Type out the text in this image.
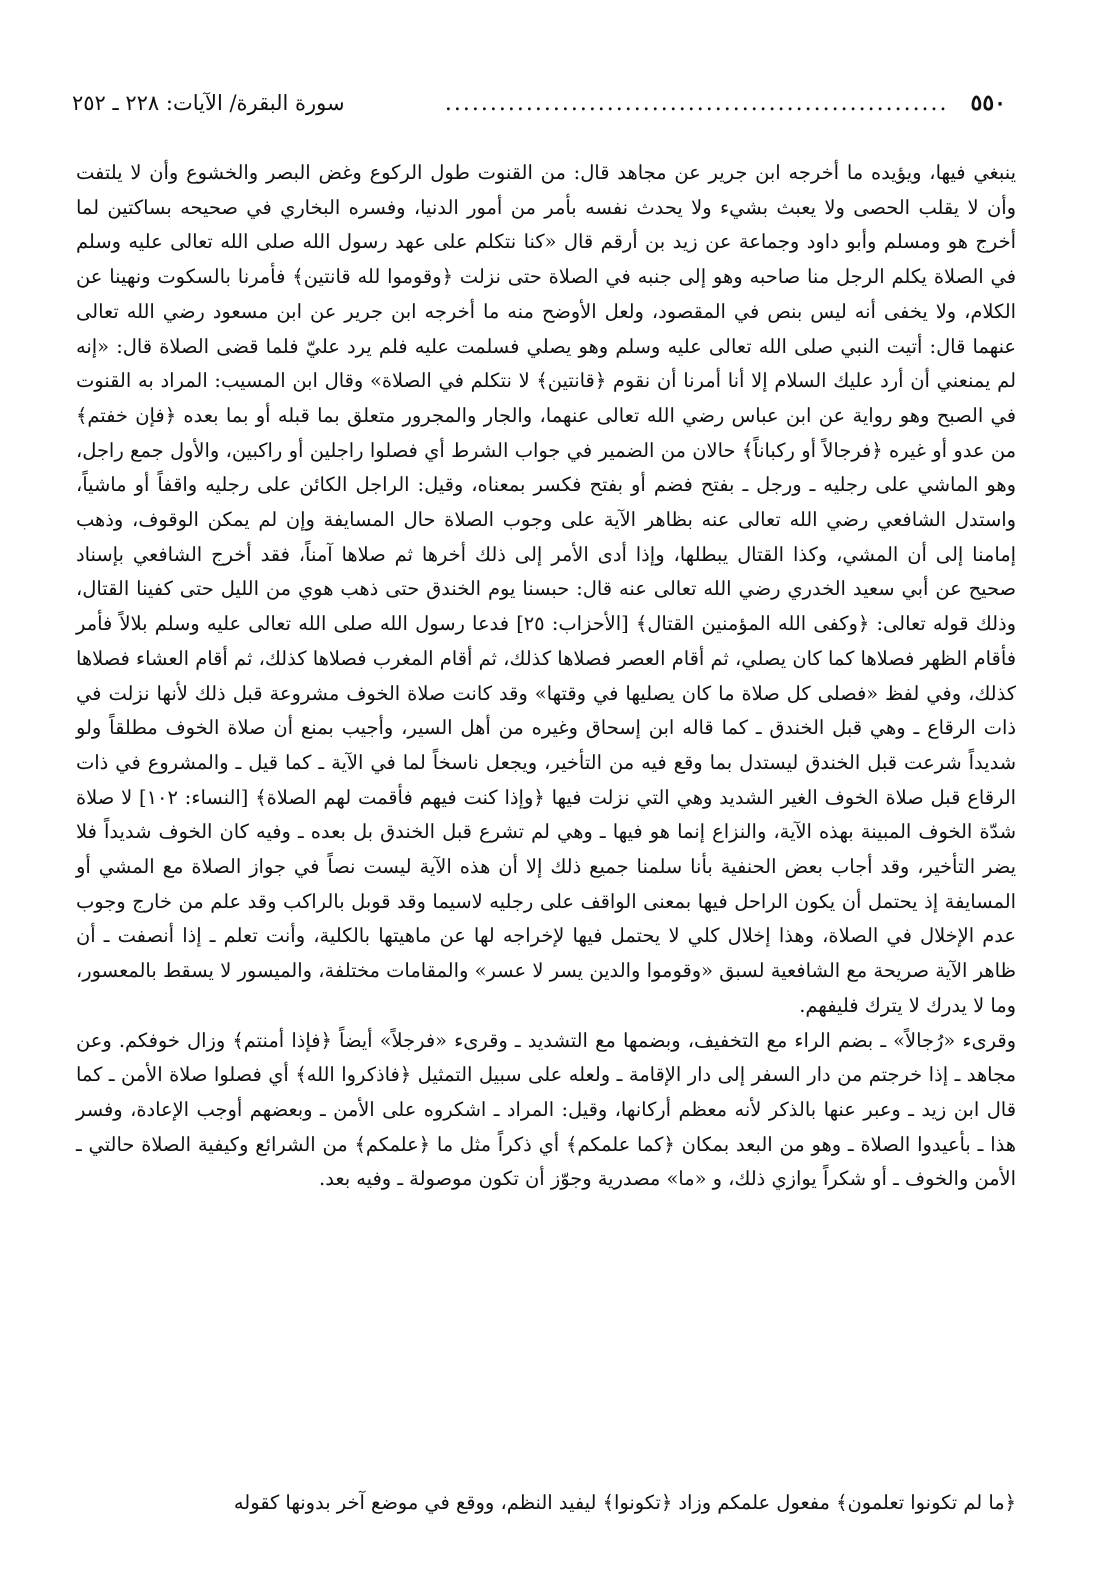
٥٥٠
........................................................
سورة البقرة/ الآيات: ٢٢٨ ـ ٢٥٢

ينبغي فيها، ويؤيده ما أخرجه ابن جرير عن مجاهد قال: من القنوت طول الركوع وغض البصر والخشوع وأن لا يلتفت وأن لا يقلب الحصى ولا يعبث بشيء ولا يحدث نفسه بأمر من أمور الدنيا، وفسره البخاري في صحيحه بساكتين لما أخرج هو ومسلم وأبو داود وجماعة عن زيد بن أرقم قال «كنا نتكلم على عهد رسول الله صلى الله تعالى عليه وسلم في الصلاة يكلم الرجل منا صاحبه وهو إلى جنبه في الصلاة حتى نزلت ﴿وقوموا لله قانتين﴾ فأمرنا بالسكوت ونهينا عن الكلام، ولا يخفى أنه ليس بنص في المقصود، ولعل الأوضح منه ما أخرجه ابن جرير عن ابن مسعود رضي الله تعالى عنهما قال: أتيت النبي صلى الله تعالى عليه وسلم وهو يصلي فسلمت عليه فلم يرد عليّ فلما قضى الصلاة قال: «إنه لم يمنعني أن أرد عليك السلام إلا أنا أمرنا أن نقوم ﴿قانتين﴾ لا نتكلم في الصلاة» وقال ابن المسيب: المراد به القنوت في الصبح وهو رواية عن ابن عباس رضي الله تعالى عنهما، والجار والمجرور متعلق بما قبله أو بما بعده ﴿فإن خفتم﴾ من عدو أو غيره ﴿فرجالاً أو ركباناً﴾ حالان من الضمير في جواب الشرط أي فصلوا راجلين أو راكبين، والأول جمع راجل، وهو الماشي على رجليه ـ ورجل ـ بفتح فضم أو بفتح فكسر بمعناه، وقيل: الراجل الكائن على رجليه واقفاً أو ماشياً، واستدل الشافعي رضي الله تعالى عنه بظاهر الآية على وجوب الصلاة حال المسايفة وإن لم يمكن الوقوف، وذهب إمامنا إلى أن المشي، وكذا القتال يبطلها، وإذا أدى الأمر إلى ذلك أخرها ثم صلاها آمناً، فقد أخرج الشافعي بإسناد صحيح عن أبي سعيد الخدري رضي الله تعالى عنه قال: حبسنا يوم الخندق حتى ذهب هوي من الليل حتى كفينا القتال، وذلك قوله تعالى: ﴿وكفى الله المؤمنين القتال﴾ [الأحزاب: ٢٥] فدعا رسول الله صلى الله تعالى عليه وسلم بلالاً فأمر فأقام الظهر فصلاها كما كان يصلي، ثم أقام العصر فصلاها كذلك، ثم أقام المغرب فصلاها كذلك، ثم أقام العشاء فصلاها كذلك، وفي لفظ «فصلى كل صلاة ما كان يصليها في وقتها» وقد كانت صلاة الخوف مشروعة قبل ذلك لأنها نزلت في ذات الرقاع ـ وهي قبل الخندق ـ كما قاله ابن إسحاق وغيره من أهل السير، وأجيب بمنع أن صلاة الخوف مطلقاً ولو شديداً شرعت قبل الخندق ليستدل بما وقع فيه من التأخير، ويجعل ناسخاً لما في الآية ـ كما قيل ـ والمشروع في ذات الرقاع قبل صلاة الخوف الغير الشديد وهي التي نزلت فيها ﴿وإذا كنت فيهم فأقمت لهم الصلاة﴾ [النساء: ١٠٢] لا صلاة شدّة الخوف المبينة بهذه الآية، والنزاع إنما هو فيها ـ وهي لم تشرع قبل الخندق بل بعده ـ وفيه كان الخوف شديداً فلا يضر التأخير، وقد أجاب بعض الحنفية بأنا سلمنا جميع ذلك إلا أن هذه الآية ليست نصاً في جواز الصلاة مع المشي أو المسايفة إذ يحتمل أن يكون الراحل فيها بمعنى الواقف على رجليه لاسيما وقد قوبل بالراكب وقد علم من خارج وجوب عدم الإخلال في الصلاة، وهذا إخلال كلي لا يحتمل فيها لإخراجه لها عن ماهيتها بالكلية، وأنت تعلم ـ إذا أنصفت ـ أن ظاهر الآية صريحة مع الشافعية لسبق «وقوموا والدين يسر لا عسر» والمقامات مختلفة، والميسور لا يسقط بالمعسور، وما لا يدرك لا يترك فليفهم.

وقرىء «رُجالاً» ـ بضم الراء مع التخفيف، وبضمها مع التشديد ـ وقرىء «فرجلاً» أيضاً ﴿فإذا أمنتم﴾ وزال خوفكم. وعن مجاهد ـ إذا خرجتم من دار السفر إلى دار الإقامة ـ ولعله على سبيل التمثيل ﴿فاذكروا الله﴾ أي فصلوا صلاة الأمن ـ كما قال ابن زيد ـ وعبر عنها بالذكر لأنه معظم أركانها، وقيل: المراد ـ اشكروه على الأمن ـ وبعضهم أوجب الإعادة، وفسر هذا ـ بأعيدوا الصلاة ـ وهو من البعد بمكان ﴿كما علمكم﴾ أي ذكراً مثل ما ﴿علمكم﴾ من الشرائع وكيفية الصلاة حالتي ـ الأمن والخوف ـ أو شكراً يوازي ذلك، و «ما» مصدرية وجوّز أن تكون موصولة ـ وفيه بعد.

﴿ما لم تكونوا تعلمون﴾ مفعول علمكم وزاد ﴿تكونوا﴾ ليفيد النظم، ووقع في موضع آخر بدونها كقوله
